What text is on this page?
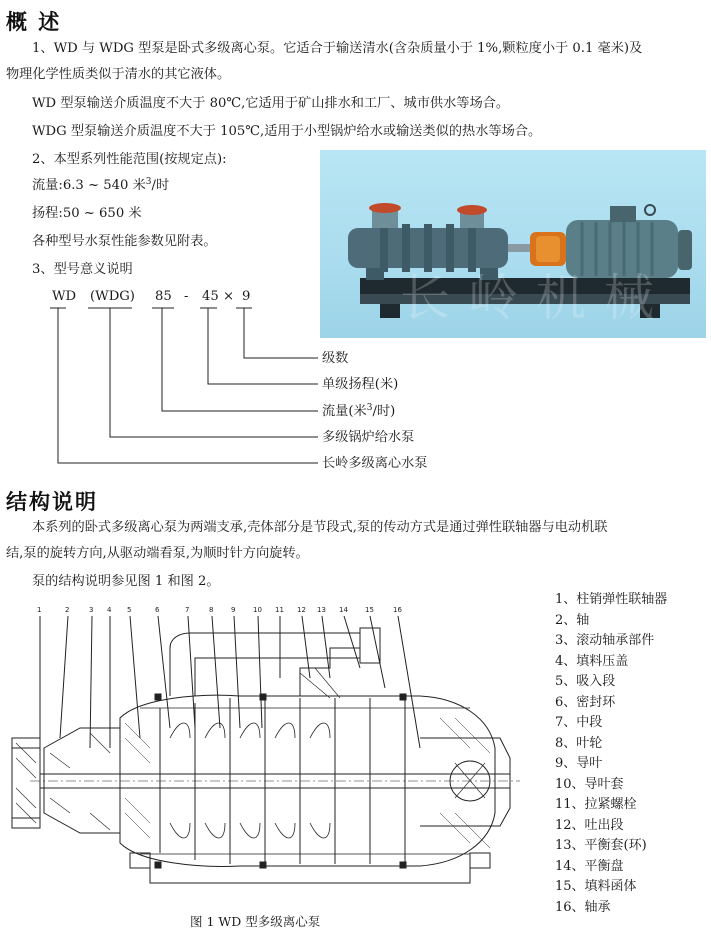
概 述
1、WD 与 WDG 型泵是卧式多级离心泵。它适合于输送清水(含杂质量小于 1%,颗粒度小于 0.1 毫米)及
物理化学性质类似于清水的其它液体。
WD 型泵输送介质温度不大于 80℃,它适用于矿山排水和工厂、城市供水等场合。
WDG 型泵输送介质温度不大于 105℃,适用于小型锅炉给水或输送类似的热水等场合。
2、本型系列性能范围(按规定点):
流量:6.3 ~ 540 米$^3$/时
扬程:50 ~ 650 米
各种型号水泵性能参数见附表。
3、型号意义说明
WD (WDG) 85 - 45 × 9
级数
单级扬程(米)
流量(米$^3$/时)
多级锅炉给水泵
长岭多级离心水泵
长岭机械
结构说明
本系列的卧式多级离心泵为两端支承,壳体部分是节段式,泵的传动方式是通过弹性联轴器与电动机联
结,泵的旋转方向,从驱动端看泵,为顺时针方向旋转。
泵的结构说明参见图 1 和图 2。
1	2	3 4 5	6	7	8	9	10 11 12 13 14 15	16
图 1 WD 型多级离心泵
1、柱销弹性联轴器
2、轴
3、滚动轴承部件
4、填料压盖
5、吸入段
6、密封环
7、中段
8、叶轮
9、导叶
10、导叶套
11、拉紧螺栓
12、吐出段
13、平衡套(环)
14、平衡盘
15、填料函体
16、轴承
